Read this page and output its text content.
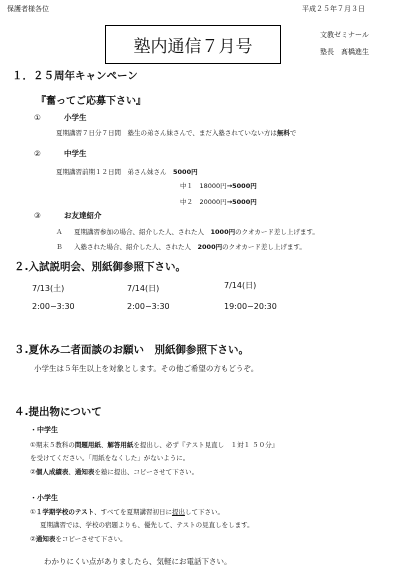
保護者様各位	平成２５年７月３日
塾内通信７月号
文教ゼミナール
塾長　髙橋進生
１．２５周年キャンペーン
『奮ってご応募下さい』
①	小学生
夏期講習７日分７日間　塾生の弟さん妹さんで、まだ入塾されていない方は無料で
②	中学生
夏期講習前期１２日間　弟さん妹さん　5000円
中１　18000円→5000円
中２　20000円→5000円
③	お友達紹介
Ａ 夏期講習参加の場合、紹介した人、された人　1000円のクオカード差し上げます。
Ｂ 入塾された場合、紹介した人、された人　2000円のクオカード差し上げます。
２.入試説明会、別紙御参照下さい。
7/13(土)	7/14(日)	7/14(日)
2:00−3:30	2:00−3:30	19:00−20:30
３.夏休み二者面談のお願い　別紙御参照下さい。
小学生は５年生以上を対象とします。その他ご希望の方もどうぞ。
４.提出物について
・中学生
①期末５教科の問題用紙、解答用紙を提出し、必ず『テスト見直し　１対１ ５０分』
を受けてください。「用紙をなくした」がないように。
②個人成績表、通知表を塾に提出、コピーさせて下さい。
・小学生
①１学期学校のテスト、すべてを夏期講習初日に提出して下さい。
夏期講習では、学校の宿題よりも、優先して、テストの見直しをします。
②通知表をコピーさせて下さい。
わかりにくい点がありましたら、気軽にお電話下さい。
